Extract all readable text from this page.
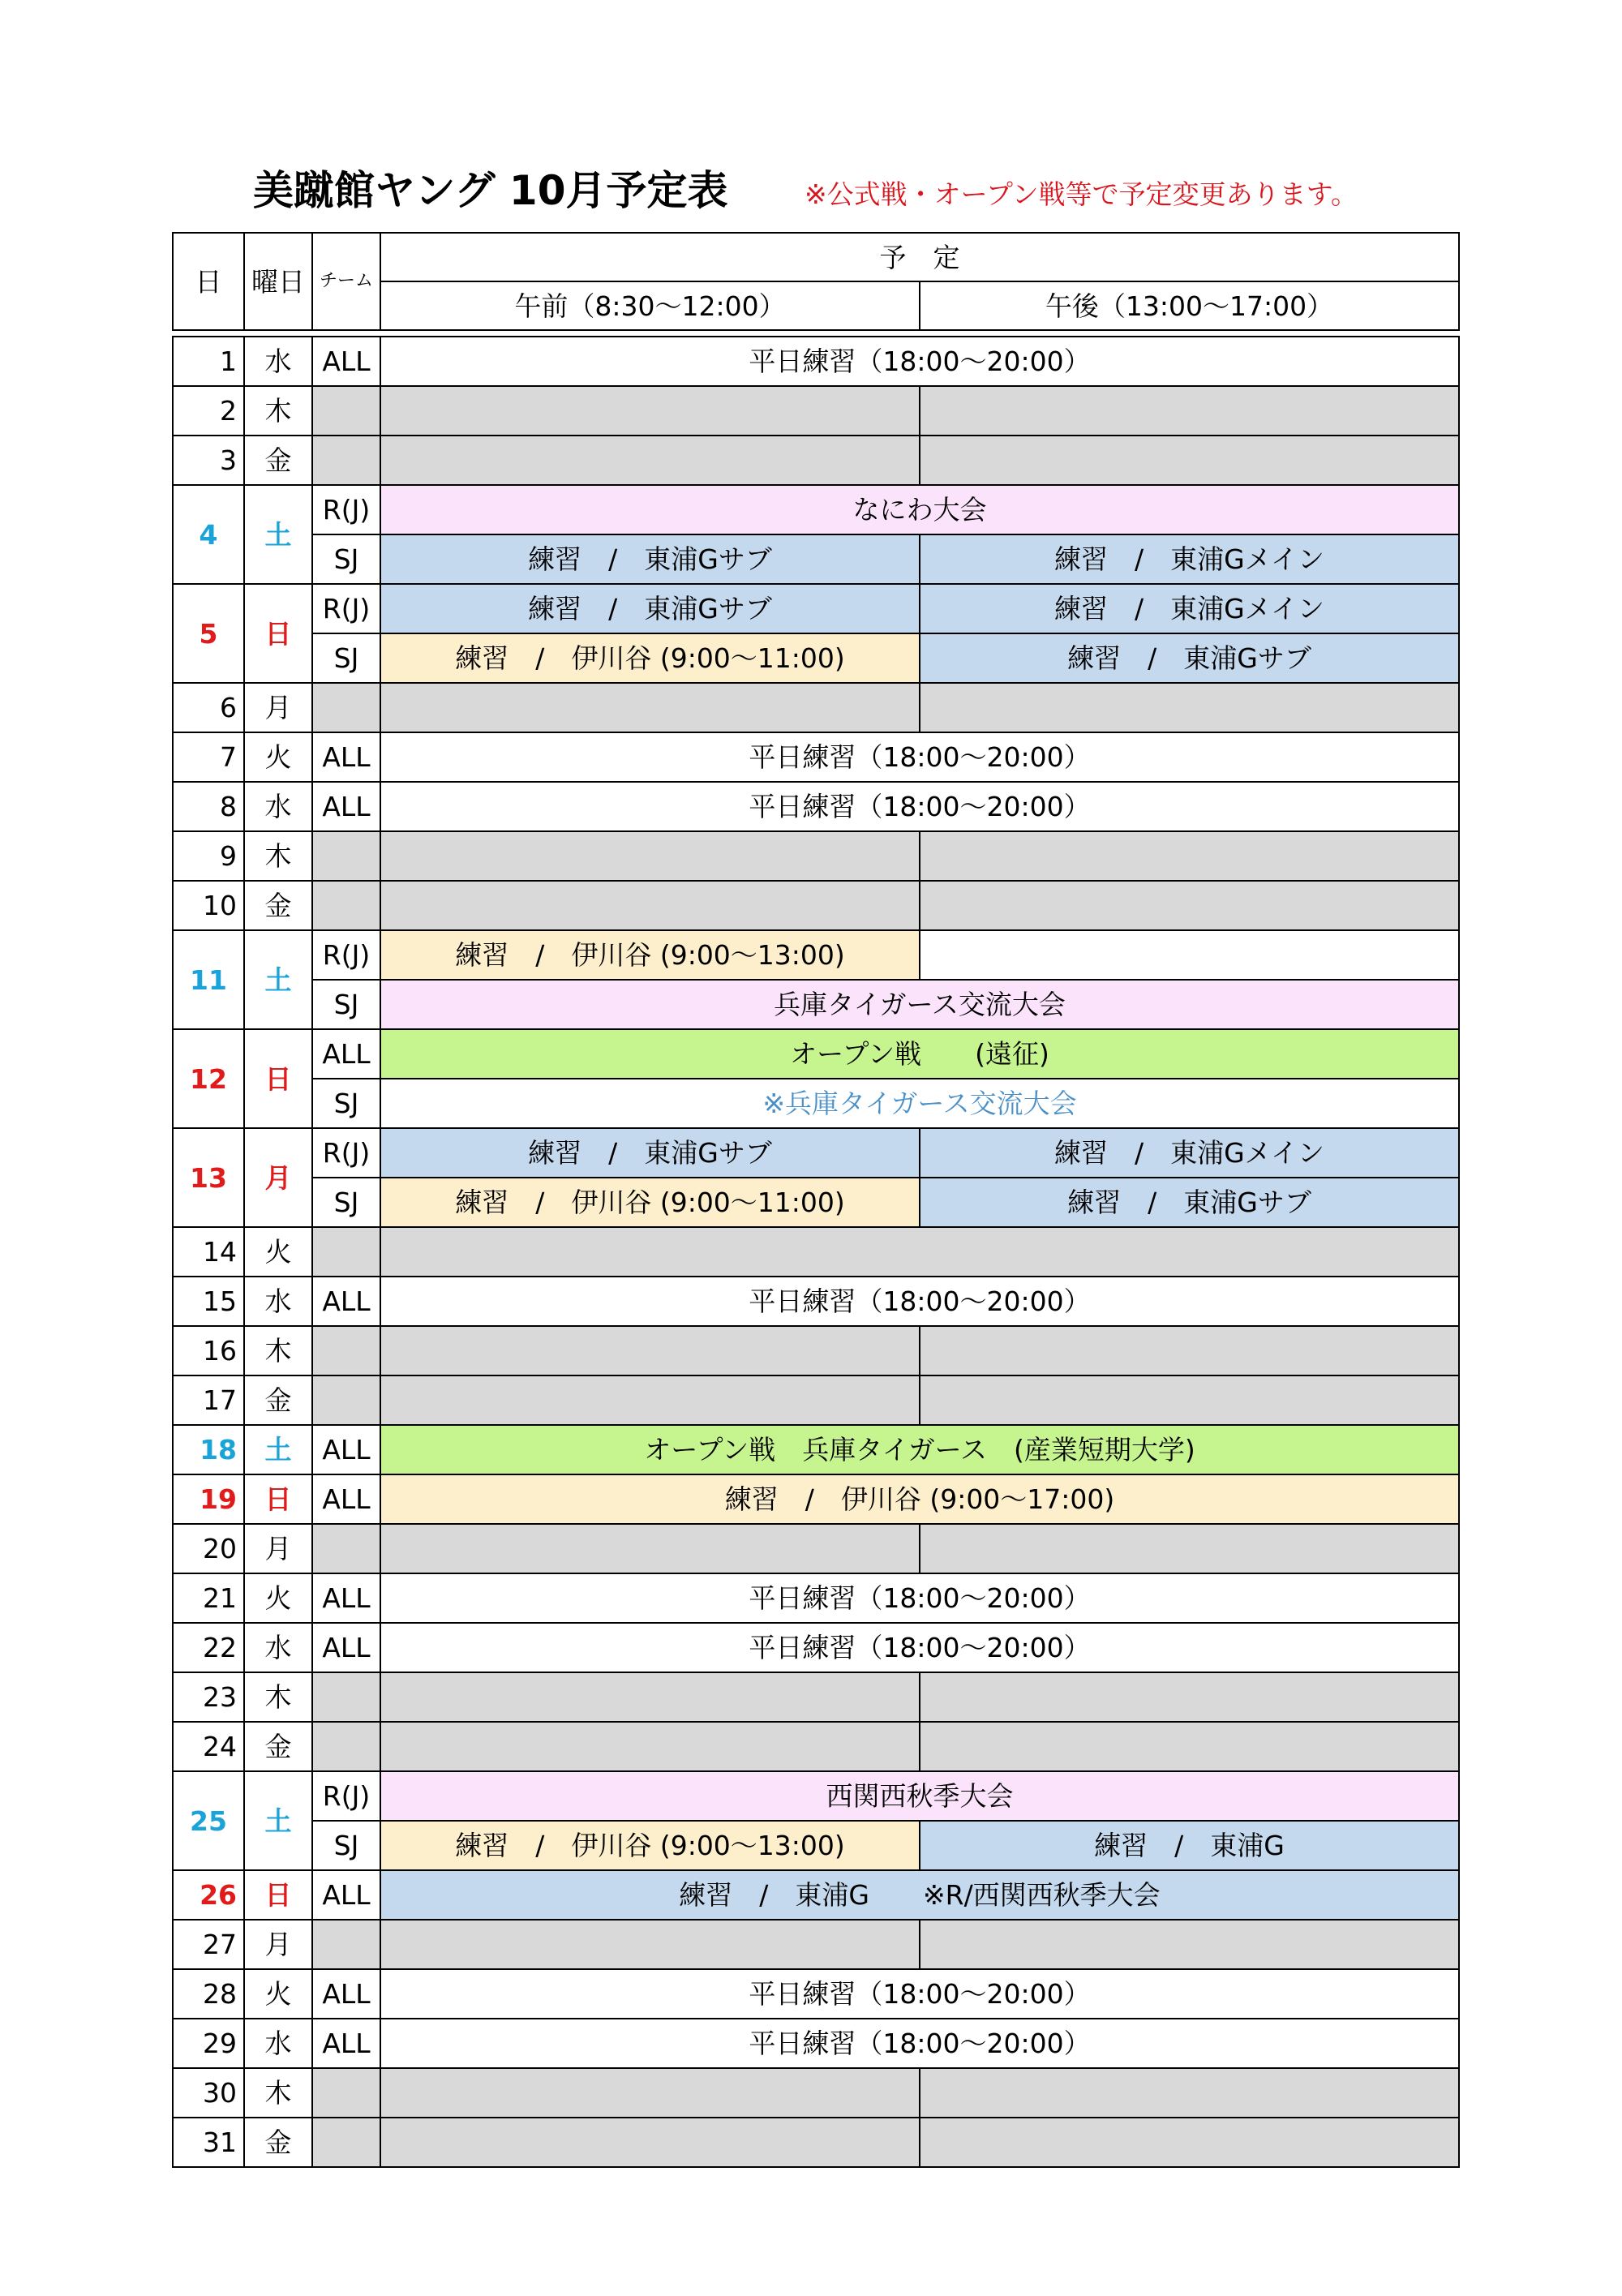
美蹴館ヤング 10月予定表	※公式戦・オープン戦等で予定変更あります。
日	曜日	チーム	予　定	
			午前（8:30～12:00）	午後（13:00～17:00）

1	水	ALL	平日練習（18:00～20:00）	
2	木			
3	金			
4	土	R(J)	なにわ大会	
		SJ	練習　/　東浦Gサブ	練習　/　東浦Gメイン
5	日	R(J)	練習　/　東浦Gサブ	練習　/　東浦Gメイン
		SJ	練習　/　伊川谷 (9:00～11:00)	練習　/　東浦Gサブ
6	月			
7	火	ALL	平日練習（18:00～20:00）	
8	水	ALL	平日練習（18:00～20:00）	
9	木			
10	金			
11	土	R(J)	練習　/　伊川谷 (9:00～13:00)	
		SJ	兵庫タイガース交流大会	
12	日	ALL	オープン戦　　(遠征)	
		SJ	※兵庫タイガース交流大会	
13	月	R(J)	練習　/　東浦Gサブ	練習　/　東浦Gメイン
		SJ	練習　/　伊川谷 (9:00～11:00)	練習　/　東浦Gサブ
14	火			
15	水	ALL	平日練習（18:00～20:00）	
16	木			
17	金			
18	土	ALL	オープン戦　兵庫タイガース　(産業短期大学)	
19	日	ALL	練習　/　伊川谷 (9:00～17:00)	
20	月			
21	火	ALL	平日練習（18:00～20:00）	
22	水	ALL	平日練習（18:00～20:00）	
23	木			
24	金			
25	土	R(J)	西関西秋季大会	
		SJ	練習　/　伊川谷 (9:00～13:00)	練習　/　東浦G
26	日	ALL	練習　/　東浦G　　※R/西関西秋季大会	
27	月			
28	火	ALL	平日練習（18:00～20:00）	
29	水	ALL	平日練習（18:00～20:00）	
30	木			
31	金			
